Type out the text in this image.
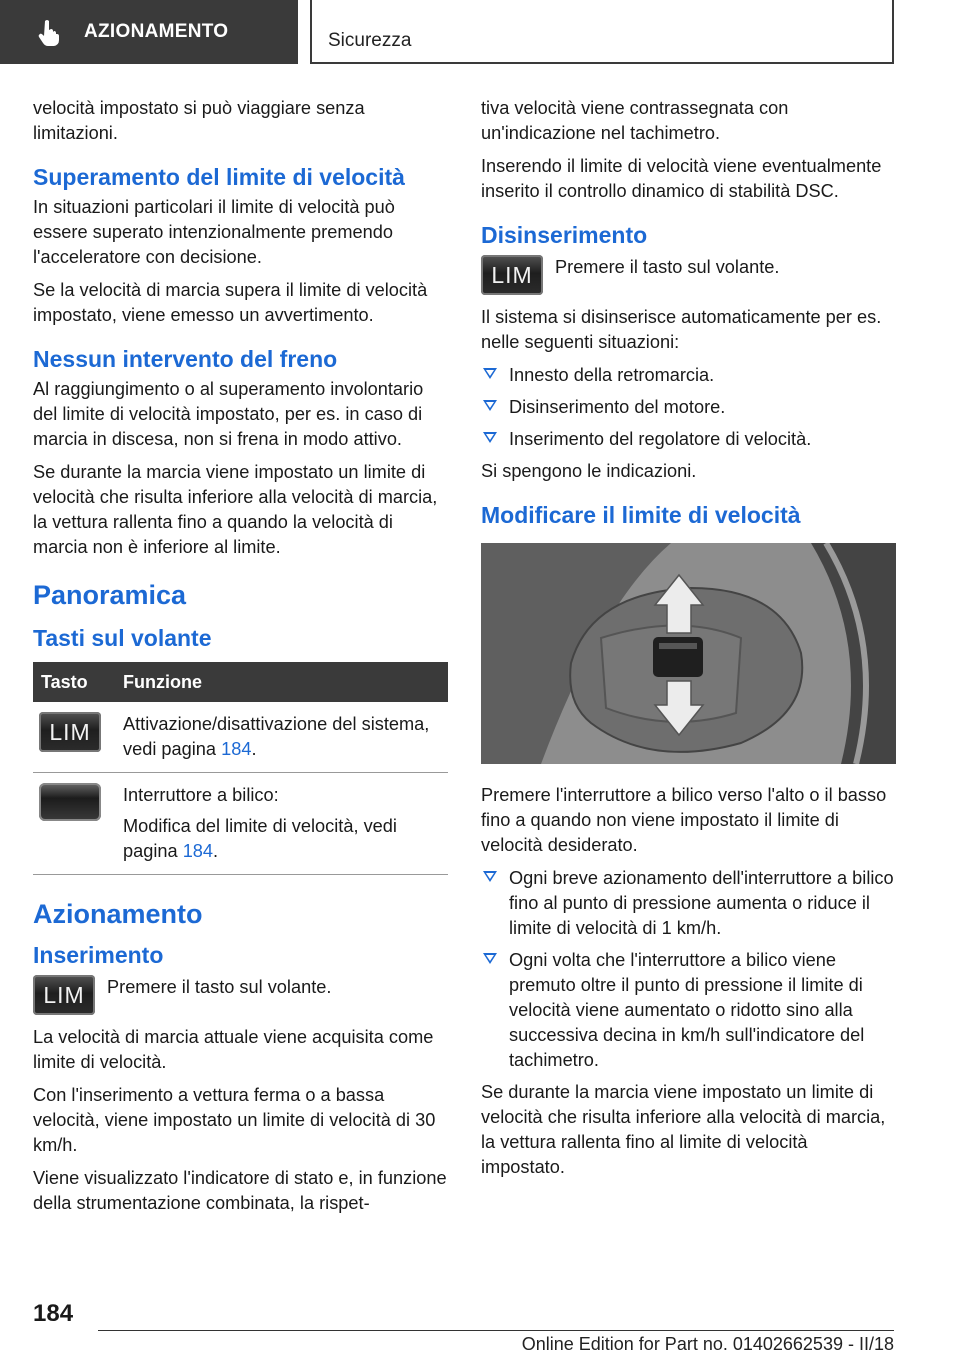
AZIONAMENTO	Sicurezza

velocità impostato si può viaggiare senza limitazioni.

Superamento del limite di velocità

In situazioni particolari il limite di velocità può essere superato intenzionalmente premendo l'acceleratore con decisione.

Se la velocità di marcia supera il limite di velocità impostato, viene emesso un avvertimento.

Nessun intervento del freno

Al raggiungimento o al superamento involontario del limite di velocità impostato, per es. in caso di marcia in discesa, non si frena in modo attivo.

Se durante la marcia viene impostato un limite di velocità che risulta inferiore alla velocità di marcia, la vettura rallenta fino a quando la velocità di marcia non è inferiore al limite.

Panoramica
Tasti sul volante
Tasto	Funzione

LIM	Attivazione/disattivazione del sistema, vedi pagina 184.

	Interruttore a bilico:
Modifica del limite di velocità, vedi pagina 184.
Azionamento
Inserimento
LIM	Premere il tasto sul volante.

La velocità di marcia attuale viene acquisita come limite di velocità.

Con l'inserimento a vettura ferma o a bassa velocità, viene impostato un limite di velocità di 30 km/h.

Viene visualizzato l'indicatore di stato e, in funzione della strumentazione combinata, la rispet-

tiva velocità viene contrassegnata con un'indicazione nel tachimetro.

Inserendo il limite di velocità viene eventualmente inserito il controllo dinamico di stabilità DSC.

Disinserimento
LIM	Premere il tasto sul volante.

Il sistema si disinserisce automaticamente per es. nelle seguenti situazioni:

Innesto della retromarcia.
Disinserimento del motore.
Inserimento del regolatore di velocità.

Si spengono le indicazioni.

Modificare il limite di velocità

Premere l'interruttore a bilico verso l'alto o il basso fino a quando non viene impostato il limite di velocità desiderato.

Ogni breve azionamento dell'interruttore a bilico fino al punto di pressione aumenta o riduce il limite di velocità di 1 km/h.
Ogni volta che l'interruttore a bilico viene premuto oltre il punto di pressione il limite di velocità viene aumentato o ridotto sino alla successiva decina in km/h sull'indicatore del tachimetro.

Se durante la marcia viene impostato un limite di velocità che risulta inferiore alla velocità di marcia, la vettura rallenta fino al limite di velocità impostato.

184
Online Edition for Part no. 01402662539 - II/18
